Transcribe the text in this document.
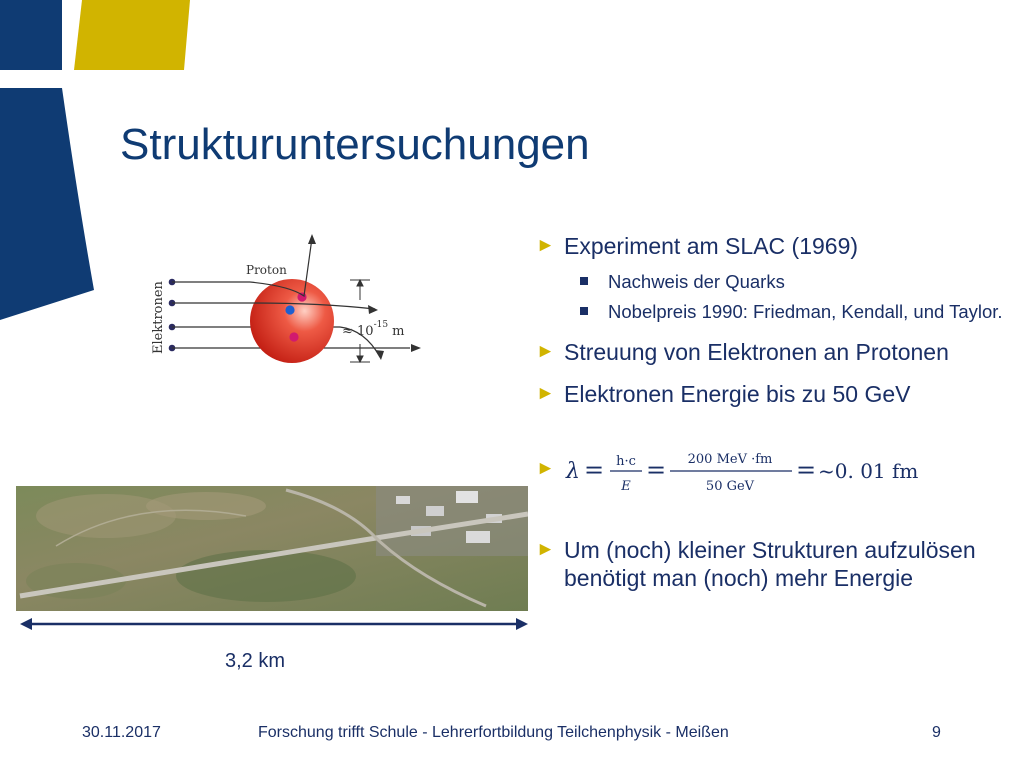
Strukturuntersuchungen
Elektronen
Proton
≈ $10^{-15}$ m
► Experiment am SLAC (1969)
Nachweis der Quarks
Nobelpreis 1990: Friedman, Kendall, und Taylor.
► Streuung von Elektronen an Protonen
► Elektronen Energie bis zu 50 GeV
► λ = h·c
E
= 200 MeV ·fm
50 GeV
= ~0. 01 fm
► Um (noch) kleiner Strukturen aufzulösen benötigt man (noch) mehr Energie
3,2 km
30.11.2017	Forschung trifft Schule - Lehrerfortbildung Teilchenphysik - Meißen	9
